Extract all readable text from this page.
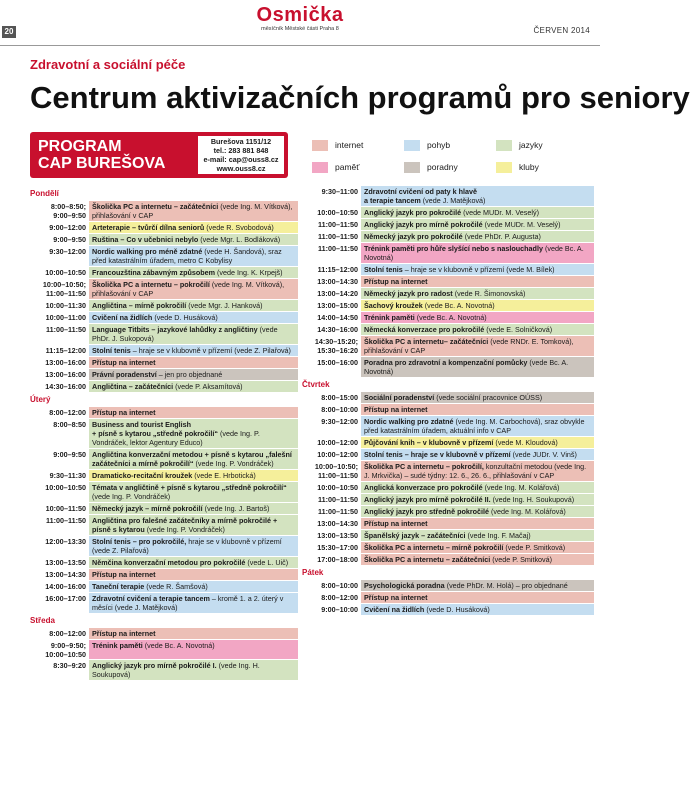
20
Osmička
měsíčník Městské části Praha 8	ČERVEN 2014
Zdravotní a sociální péče
Centrum aktivizačních programů pro seniory
PROGRAM
CAP BUREŠOVA
Burešova 1151/12
tel.: 283 881 848
e-mail: cap@ouss8.cz
www.ouss8.cz
internet	pohyb	jazyky
paměť	poradny	kluby
Pondělí
8:00–8:50;
9:00–9:50
Školička PC a internetu – začátečníci (vede Ing. M. Vítková), přihlašování v CAP
9:00–12:00 Arteterapie – tvůrčí dílna seniorů (vede R. Svobodová)
9:00–9:50 Ruština – Co v učebnici nebylo (vede Mgr. L. Bodláková)
9:30–12:00 Nordic walking pro méně zdatné (vede H. Šandová), sraz před katastrálním úřadem, metro C Kobylisy
10:00–10:50 Francouzština zábavným způsobem (vede Ing. K. Krpejš)
10:00–10:50;
11:00–11:50
Školička PC a internetu – pokročilí (vede Ing. M. Vítková), přihlašování v CAP
10:00–11:30 Angličtina – mírně pokročilí (vede Mgr. J. Hanková)
10:00–11:00 Cvičení na židlích (vede D. Husáková)
11:00–11:50 Language Titbits – jazykové lahůdky z angličtiny (vede PhDr. J. Sukopová)
11:15–12:00 Stolní tenis – hraje se v klubovně v přízemí (vede Z. Pilařová)
13:00–16:00 Přístup na internet
13:00–16:00 Právní poradenství – jen pro objednané
14:30–16:00 Angličtina – začátečníci (vede P. Aksamítová)
Úterý
8:00–12:00 Přístup na internet
8:00–8:50 Business and tourist English
+ písně s kytarou „středně pokročilí“ (vede Ing. P. Vondráček, lektor Agentury Educo)
9:00–9:50 Angličtina konverzační metodou + písně s kytarou „falešní začátečníci a mírně pokročilí“ (vede Ing. P. Vondráček)
9:30–11:30 Dramaticko-recitační kroužek (vede E. Hrbotická)
10:00–10:50 Témata v angličtině + písně s kytarou „středně pokročilí“ (vede Ing. P. Vondráček)
10:00–11:50 Německý jazyk – mírně pokročilí (vede Ing. J. Bartoš)
11:00–11:50 Angličtina pro falešné začátečníky a mírně pokročilé + písně s kytarou (vede Ing. P. Vondráček)
12:00–13:30 Stolní tenis – pro pokročilé, hraje se v klubovně v přízemí (vede Z. Pilařová)
13:00–13:50 Němčina konverzační metodou pro pokročilé (vede L. Uič)
13:00–14:30 Přístup na internet
14:00–16:00 Taneční terapie (vede R. Šamšová)
16:00–17:00 Zdravotní cvičení a terapie tancem – kromě 1. a 2. úterý v měsíci (vede J. Matějková)
Středa
8:00–12:00 Přístup na internet
9:00–9:50;
10:00–10:50
Trénink paměti (vede Bc. A. Novotná)
8:30–9:20 Anglický jazyk pro mírně pokročilé I. (vede Ing. H. Soukupová)
9:30–11:00 Zdravotní cvičení od paty k hlavě
a terapie tancem (vede J. Matějková)
10:00–10:50 Anglický jazyk pro pokročilé (vede MUDr. M. Veselý)
11:00–11:50 Anglický jazyk pro mírně pokročilé (vede MUDr. M. Veselý)
11:00–11:50 Německý jazyk pro pokročilé (vede PhDr. P. Augusta)
11:00–11:50 Trénink paměti pro hůře slyšící nebo s naslouchadly (vede Bc. A. Novotná)
11:15–12:00 Stolní tenis – hraje se v klubovně v přízemí (vede M. Bílek)
13:00–14:30 Přístup na internet
13:00–14:20 Německý jazyk pro radost (vede R. Šimonovská)
13:00–15:00 Šachový kroužek (vede Bc. A. Novotná)
14:00–14:50 Trénink paměti (vede Bc. A. Novotná)
14:30–16:00 Německá konverzace pro pokročilé (vede E. Solničková)
14:30–15:20;
15:30–16:20
Školička PC a internetu– začátečníci (vede RNDr. E. Tomková), přihlašování v CAP
15:00–16:00 Poradna pro zdravotní a kompenzační pomůcky (vede Bc. A. Novotná)
Čtvrtek
8:00–15:00 Sociální poradenství (vede sociální pracovnice OÚSS)
8:00–10:00 Přístup na internet
9:30–12:00 Nordic walking pro zdatné (vede Ing. M. Carbochová), sraz obvykle před katastrálním úřadem, aktuální info v CAP
10:00–12:00 Půjčování knih – v klubovně v přízemí (vede M. Kloudová)
10:00–12:00 Stolní tenis – hraje se v klubovně v přízemí (vede JUDr. V. Vinš)
10:00–10:50;
11:00–11:50
Školička PC a internetu – pokročilí, konzultační metodou (vede Ing. J. Mrkvička) – sudé týdny: 12. 6., 26. 6., přihlašování v CAP
10:00–10:50 Anglická konverzace pro pokročilé (vede Ing. M. Kolářová)
11:00–11:50 Anglický jazyk pro mírně pokročilé II. (vede Ing. H. Soukupová)
11:00–11:50 Anglický jazyk pro středně pokročilé (vede Ing. M. Kolářová)
13:00–14:30 Přístup na internet
13:00–13:50 Španělský jazyk – začátečníci (vede Ing. F. Mačaj)
15:30–17:00 Školička PC a internetu – mírně pokročilí (vede P. Smitková)
17:00–18:00 Školička PC a internetu – začátečníci (vede P. Smitková)
Pátek
8:00–10:00 Psychologická poradna (vede PhDr. M. Holá) – pro objednané
8:00–12:00 Přístup na internet
9:00–10:00 Cvičení na židlích (vede D. Husáková)
